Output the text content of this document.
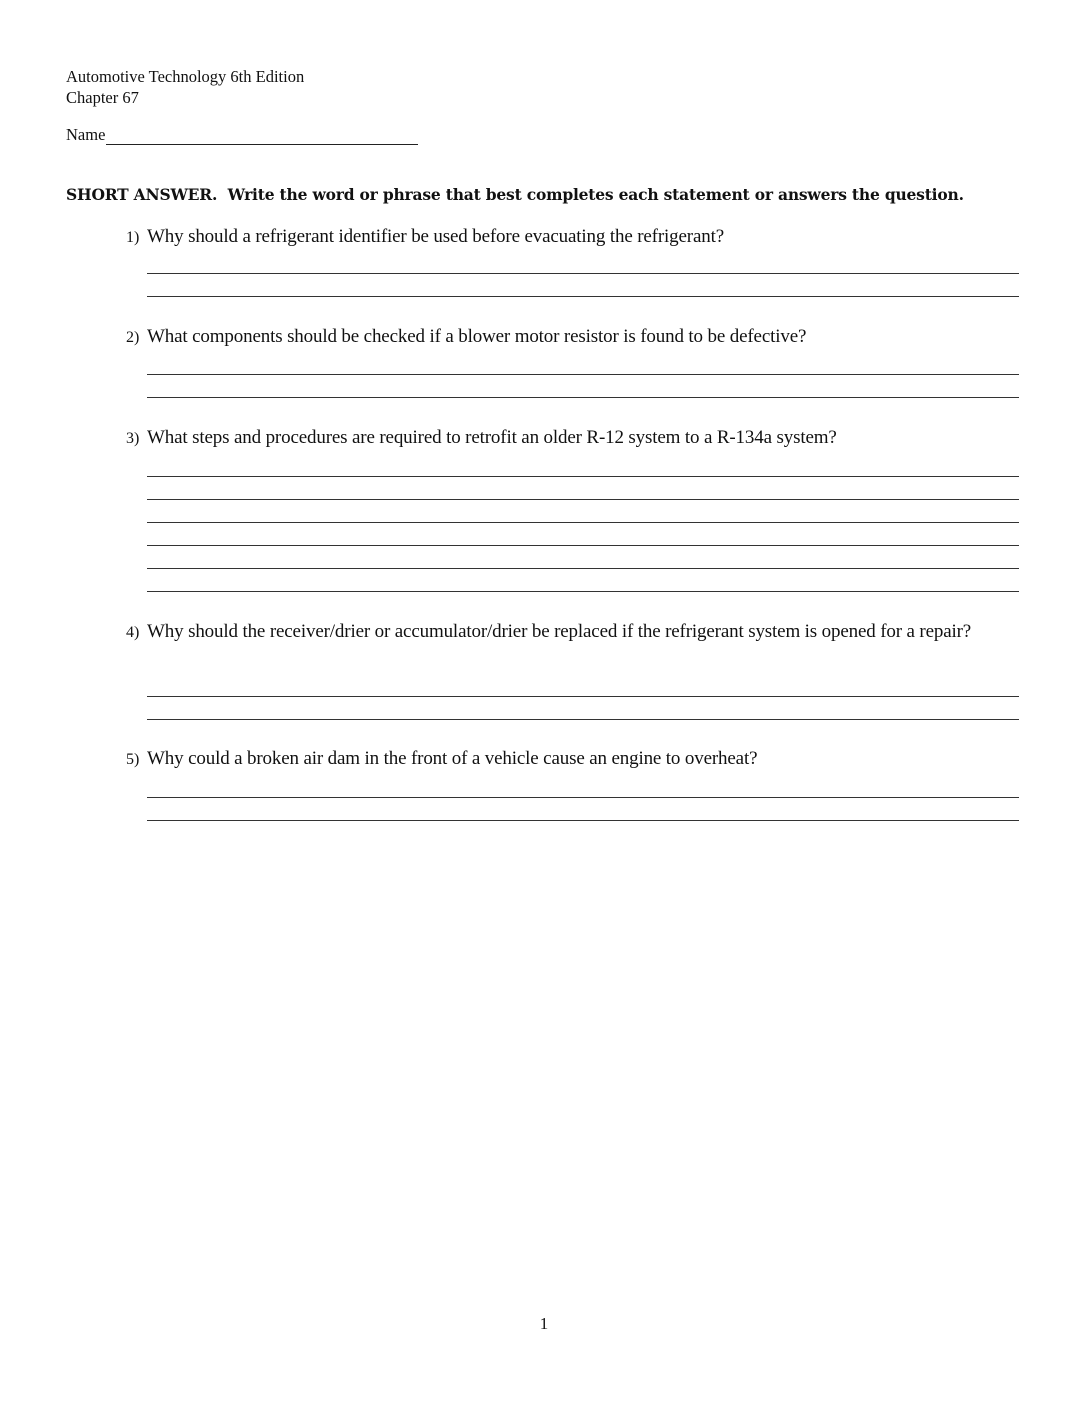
Automotive Technology 6th Edition
Chapter 67
Name
SHORT ANSWER. Write the word or phrase that best completes each statement or answers the question.
1) Why should a refrigerant identifier be used before evacuating the refrigerant?
2) What components should be checked if a blower motor resistor is found to be defective?
3) What steps and procedures are required to retrofit an older R-12 system to a R-134a system?
4) Why should the receiver/drier or accumulator/drier be replaced if the refrigerant system is opened for a repair?
5) Why could a broken air dam in the front of a vehicle cause an engine to overheat?
1
